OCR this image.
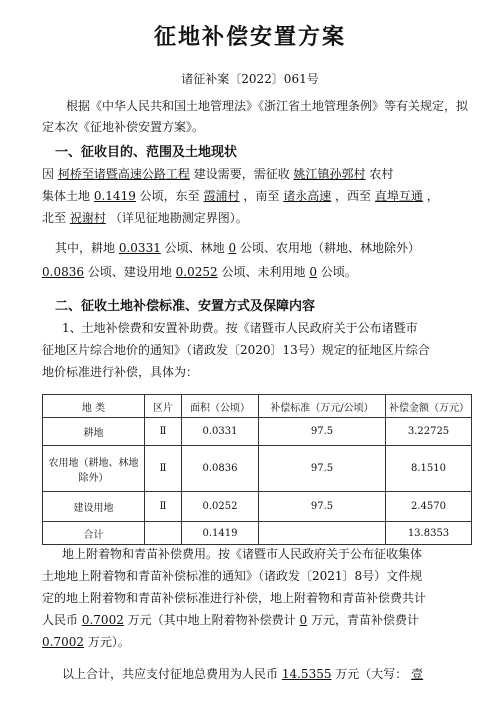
征地补偿安置方案
诸征补案〔2022〕061号
根据《中华人民共和国土地管理法》《浙江省土地管理条例》等有关规定，拟定本次《征地补偿安置方案》。
一、征收目的、范围及土地现状
因 柯桥至诸暨高速公路工程 建设需要，需征收 姚江镇孙郭村 农村
集体土地 0.1419 公顷，东至 霞浦村 ，南至 诸永高速 ，西至 直埠互通 ，
北至 祝谢村 （详见征地勘测定界图）。
其中，耕地 0.0331 公顷、林地 0 公顷、农用地（耕地、林地除外）
0.0836 公顷、建设用地 0.0252 公顷、未利用地 0 公顷。
二、征收土地补偿标准、安置方式及保障内容
1、土地补偿费和安置补助费。按《诸暨市人民政府关于公布诸暨市
征地区片综合地价的通知》（诸政发〔2020〕13号）规定的征地区片综合
地价标准进行补偿，具体为：
地 类	区片	面积（公顷）	补偿标准（万元/公顷）	补偿金额（万元）
耕地	Ⅱ	0.0331	97.5	3.22725
农用地（耕地、林地除外）	Ⅱ	0.0836	97.5	8.1510
建设用地	Ⅱ	0.0252	97.5	2.4570
合计		0.1419		13.8353
地上附着物和青苗补偿费用。按《诸暨市人民政府关于公布征收集体
土地地上附着物和青苗补偿标准的通知》（诸政发〔2021〕8号）文件规
定的地上附着物和青苗补偿标准进行补偿，地上附着物和青苗补偿费共计
人民币 0.7002 万元（其中地上附着物补偿费计 0 万元，青苗补偿费计
0.7002 万元）。
以上合计，共应支付征地总费用为人民币 14.5355 万元（大写： 壹
